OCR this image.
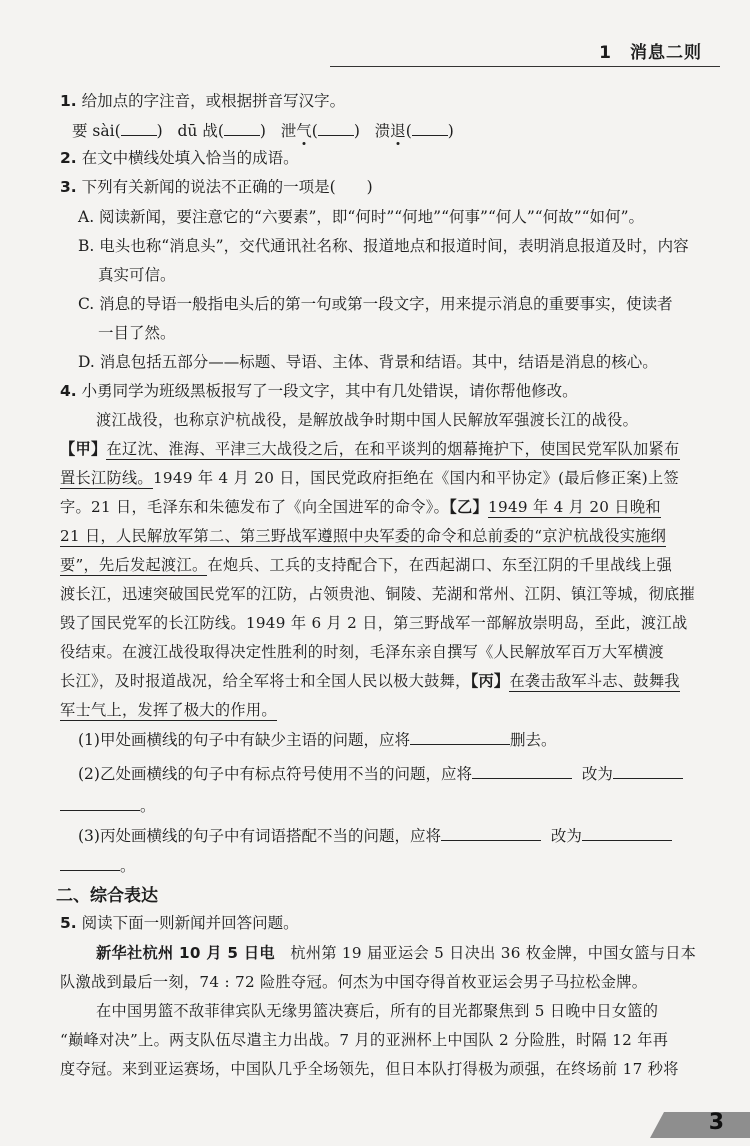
1　消息二则
1. 给加点的字注音，或根据拼音写汉字。
要 sài( ) dū 战( ) 泄气( ) 溃退( )
2. 在文中横线处填入恰当的成语。
3. 下列有关新闻的说法不正确的一项是(　　)
A. 阅读新闻，要注意它的“六要素”，即“何时”“何地”“何事”“何人”“何故”“如何”。
B. 电头也称“消息头”，交代通讯社名称、报道地点和报道时间，表明消息报道及时，内容
真实可信。
C. 消息的导语一般指电头后的第一句或第一段文字，用来提示消息的重要事实，使读者
一目了然。
D. 消息包括五部分——标题、导语、主体、背景和结语。其中，结语是消息的核心。
4. 小勇同学为班级黑板报写了一段文字，其中有几处错误，请你帮他修改。
渡江战役，也称京沪杭战役，是解放战争时期中国人民解放军强渡长江的战役。
【甲】在辽沈、淮海、平津三大战役之后，在和平谈判的烟幕掩护下，使国民党军队加紧布
置长江防线。1949 年 4 月 20 日，国民党政府拒绝在《国内和平协定》(最后修正案)上签
字。21 日，毛泽东和朱德发布了《向全国进军的命令》。【乙】1949 年 4 月 20 日晚和
21 日，人民解放军第二、第三野战军遵照中央军委的命令和总前委的“京沪杭战役实施纲
要”，先后发起渡江。在炮兵、工兵的支持配合下，在西起湖口、东至江阴的千里战线上强
渡长江，迅速突破国民党军的江防，占领贵池、铜陵、芜湖和常州、江阴、镇江等城，彻底摧
毁了国民党军的长江防线。1949 年 6 月 2 日，第三野战军一部解放崇明岛，至此，渡江战
役结束。在渡江战役取得决定性胜利的时刻，毛泽东亲自撰写《人民解放军百万大军横渡
长江》，及时报道战况，给全军将士和全国人民以极大鼓舞，【丙】在袭击敌军斗志、鼓舞我
军士气上，发挥了极大的作用。
(1)甲处画横线的句子中有缺少主语的问题，应将	删去。
(2)乙处画横线的句子中有标点符号使用不当的问题，应将	改为
。
(3)丙处画横线的句子中有词语搭配不当的问题，应将	改为
。
二、综合表达
5. 阅读下面一则新闻并回答问题。
新华社杭州 10 月 5 日电　杭州第 19 届亚运会 5 日决出 36 枚金牌，中国女篮与日本
队激战到最后一刻，74 : 72 险胜夺冠。何杰为中国夺得首枚亚运会男子马拉松金牌。
在中国男篮不敌菲律宾队无缘男篮决赛后，所有的目光都聚焦到 5 日晚中日女篮的
“巅峰对决”上。两支队伍尽遣主力出战。7 月的亚洲杯上中国队 2 分险胜，时隔 12 年再
度夺冠。来到亚运赛场，中国队几乎全场领先，但日本队打得极为顽强，在终场前 17 秒将
3
